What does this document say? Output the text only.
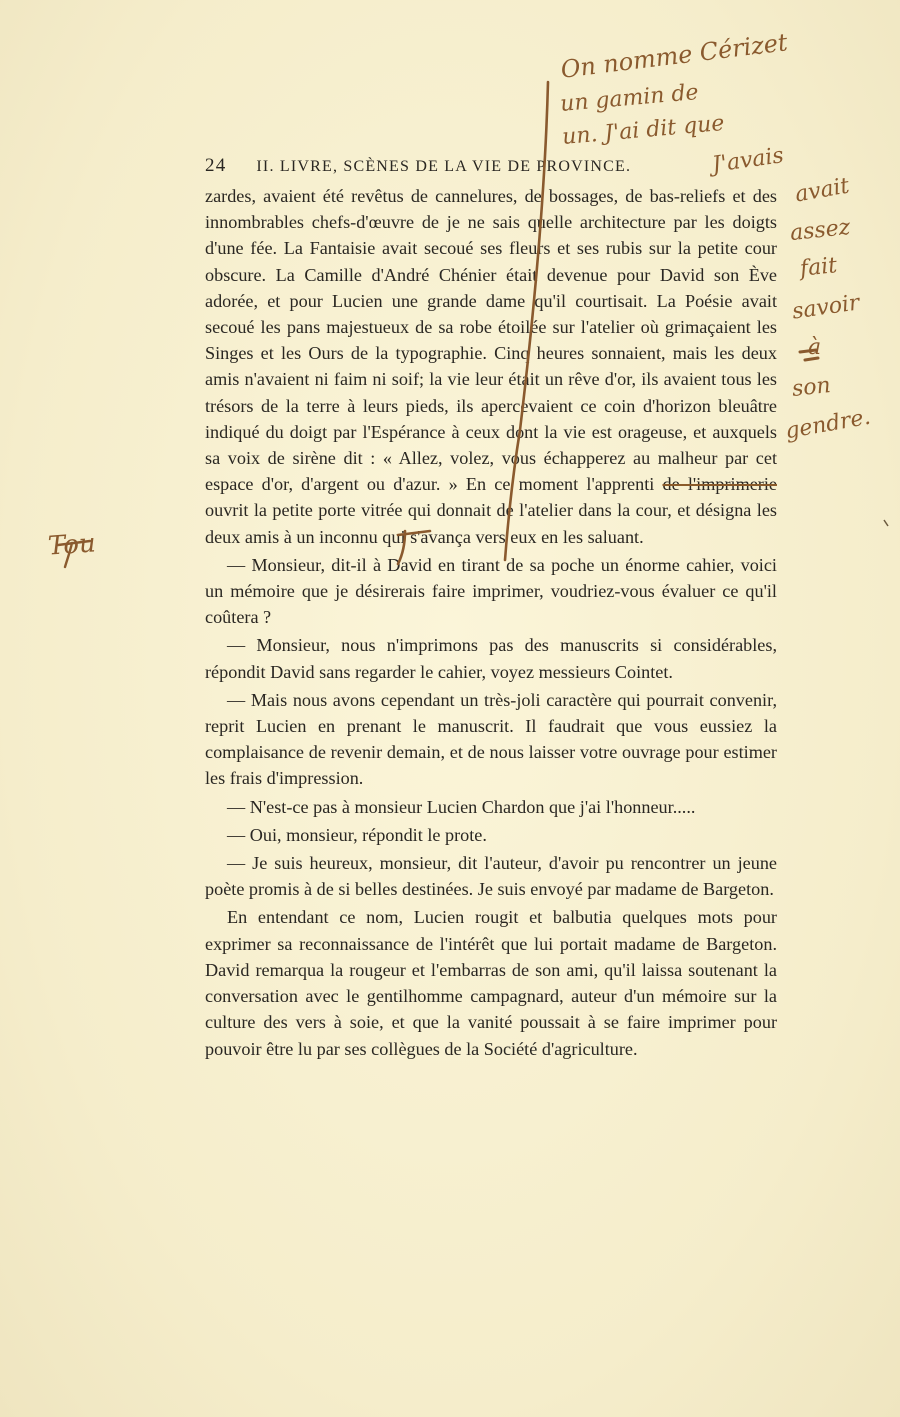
24 II. LIVRE, SCÈNES DE LA VIE DE PROVINCE.

zardes, avaient été revêtus de cannelures, de bossages, de bas-reliefs et des innombrables chefs-d'œuvre de je ne sais quelle architecture par les doigts d'une fée. La Fantaisie avait secoué ses fleurs et ses rubis sur la petite cour obscure. La Camille d'André Chénier était devenue pour David son Ève adorée, et pour Lucien une grande dame qu'il courtisait. La Poésie avait secoué les pans majestueux de sa robe étoilée sur l'atelier où grimaçaient les Singes et les Ours de la typographie. Cinq heures sonnaient, mais les deux amis n'avaient ni faim ni soif; la vie leur était un rêve d'or, ils avaient tous les trésors de la terre à leurs pieds, ils apercevaient ce coin d'horizon bleuâtre indiqué du doigt par l'Espérance à ceux dont la vie est orageuse, et auxquels sa voix de sirène dit : « Allez, volez, vous échapperez au malheur par cet espace d'or, d'argent ou d'azur. » En ce moment l'apprenti de l'imprimerie ouvrit la petite porte vitrée qui donnait de l'atelier dans la cour, et désigna les deux amis à un inconnu qui s'avança vers eux en les saluant.

— Monsieur, dit-il à David en tirant de sa poche un énorme cahier, voici un mémoire que je désirerais faire imprimer, voudriez-vous évaluer ce qu'il coûtera ?

— Monsieur, nous n'imprimons pas des manuscrits si considérables, répondit David sans regarder le cahier, voyez messieurs Cointet.

— Mais nous avons cependant un très-joli caractère qui pourrait convenir, reprit Lucien en prenant le manuscrit. Il faudrait que vous eussiez la complaisance de revenir demain, et de nous laisser votre ouvrage pour estimer les frais d'impression.

— N'est-ce pas à monsieur Lucien Chardon que j'ai l'honneur.....

— Oui, monsieur, répondit le prote.

— Je suis heureux, monsieur, dit l'auteur, d'avoir pu rencontrer un jeune poète promis à de si belles destinées. Je suis envoyé par madame de Bargeton.

En entendant ce nom, Lucien rougit et balbutia quelques mots pour exprimer sa reconnaissance de l'intérêt que lui portait madame de Bargeton. David remarqua la rougeur et l'embarras de son ami, qu'il laissa soutenant la conversation avec le gentilhomme campagnard, auteur d'un mémoire sur la culture des vers à soie, et que la vanité poussait à se faire imprimer pour pouvoir être lu par ses collègues de la Société d'agriculture.

On nomme Cérizet
un gamin de
un. J'ai dit que
J'avais
avait
assez
fait
savoir
à
son
gendre.
Tou
